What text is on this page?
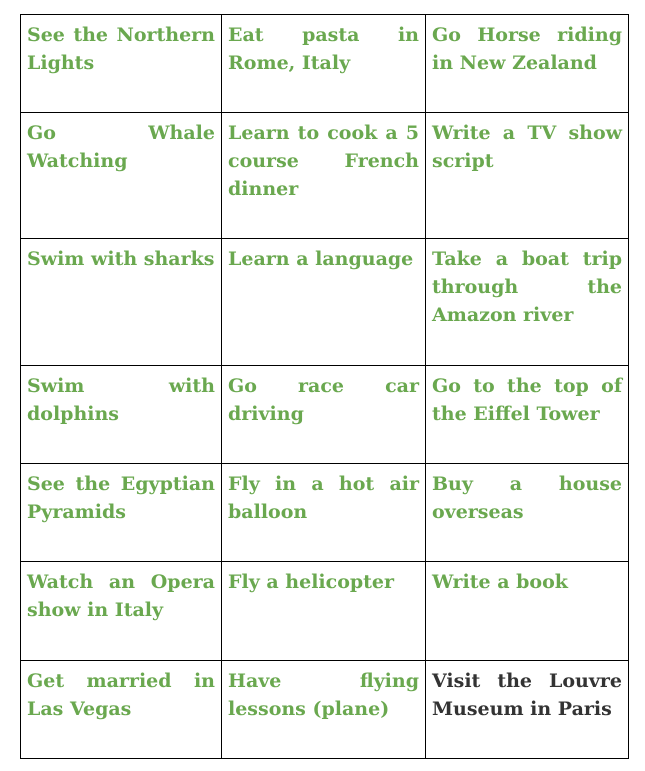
See the Northern Lights	Eat pasta in Rome, Italy	Go Horse riding in New Zealand
Go Whale Watching	Learn to cook a 5 course French dinner	Write a TV show script
Swim with sharks	Learn a language	Take a boat trip through the Amazon river
Swim with dolphins	Go race car driving	Go to the top of the Eiffel Tower
See the Egyptian Pyramids	Fly in a hot air balloon	Buy a house overseas
Watch an Opera show in Italy	Fly a helicopter	Write a book
Get married in Las Vegas	Have flying lessons (plane)	Visit the Louvre Museum in Paris
